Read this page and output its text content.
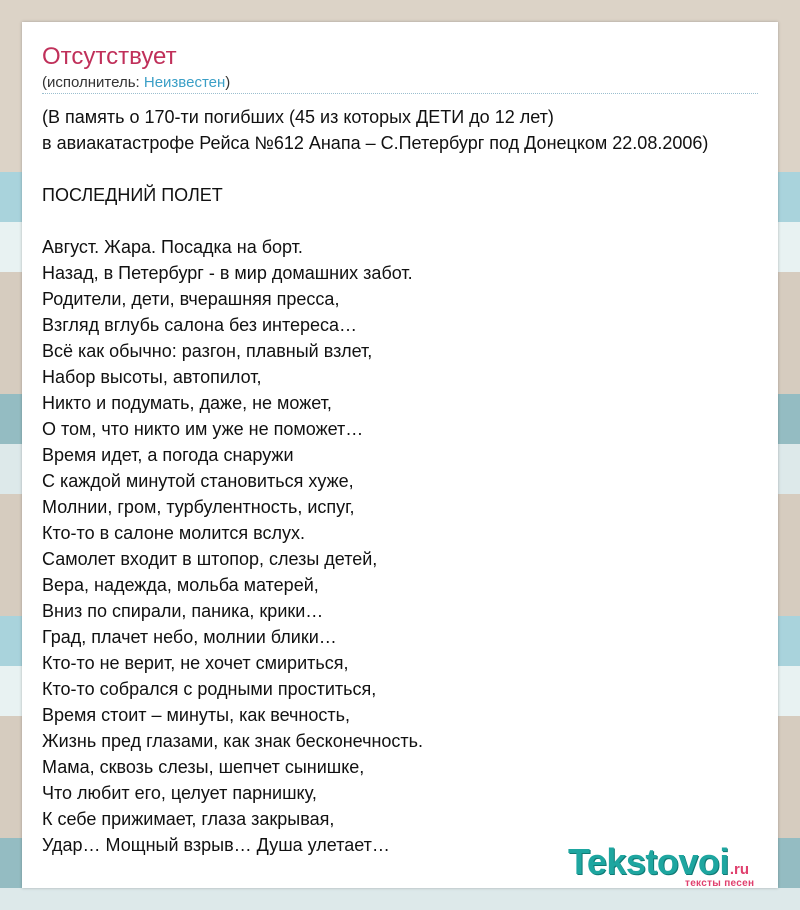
Отсутствует
(исполнитель: Неизвестен)
(В память о 170-ти погибших (45 из которых ДЕТИ до 12 лет)
в авиакатастрофе Рейса №612 Анапа – С.Петербург под Донецком 22.08.2006)
ПОСЛЕДНИЙ ПОЛЕТ
Август. Жара. Посадка на борт.
Назад, в Петербург - в мир домашних забот.
Родители, дети, вчерашняя пресса,
Взгляд вглубь салона без интереса…
Всё как обычно: разгон, плавный взлет,
Набор высоты, автопилот,
Никто и подумать, даже, не может,
О том, что никто им уже не поможет…
Время идет, а погода снаружи
С каждой минутой становиться хуже,
Молнии, гром, турбулентность, испуг,
Кто-то в салоне молится вслух.
Самолет входит в штопор, слезы детей,
Вера, надежда, мольба матерей,
Вниз по спирали, паника, крики…
Град, плачет небо, молнии блики…
Кто-то не верит, не хочет смириться,
Кто-то собрался с родными проститься,
Время стоит – минуты, как вечность,
Жизнь пред глазами, как знак бесконечность.
Мама, сквозь слезы, шепчет сынишке,
Что любит его, целует парнишку,
К себе прижимает, глаза закрывая,
Удар… Мощный взрыв… Душа улетает…	Tekstovoi.ru
тексты песен
